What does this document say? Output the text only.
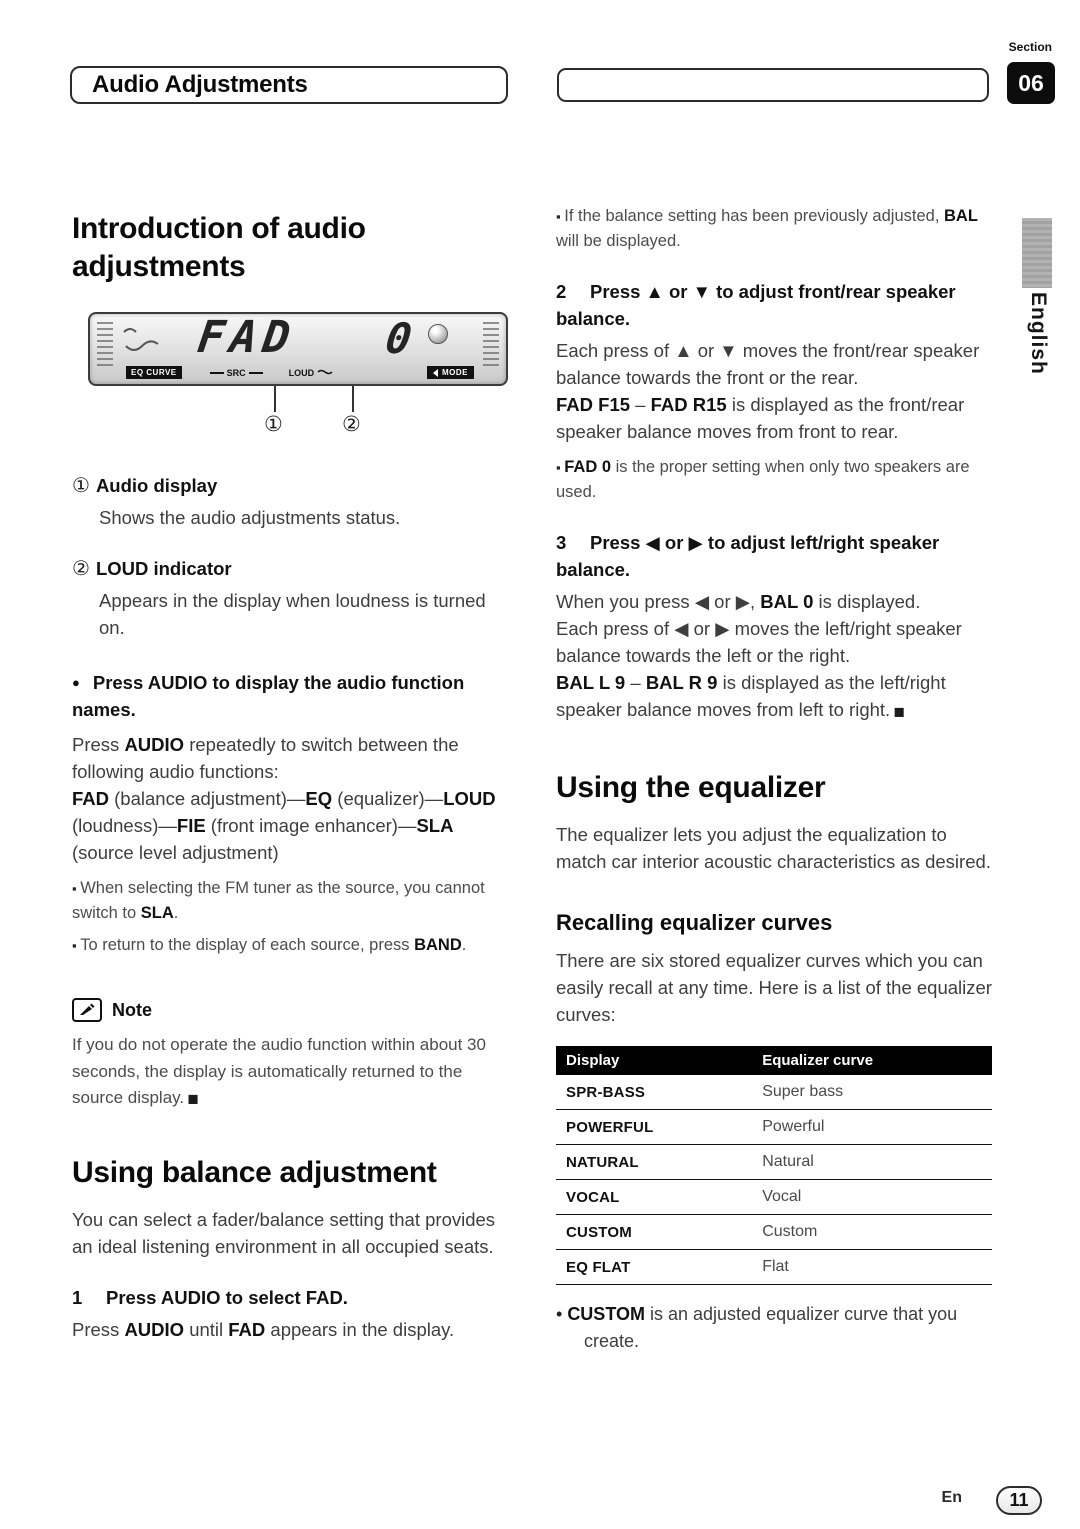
Audio Adjustments
Section
06
English
Introduction of audio adjustments
FAD 0
EQ CURVE	SRC	LOUD	MODE
①	②

① Audio display

Shows the audio adjustments status.

② LOUD indicator

Appears in the display when loudness is turned on.

● Press AUDIO to display the audio function names.

Press AUDIO repeatedly to switch between the following audio functions:

FAD (balance adjustment)—EQ (equalizer)—LOUD (loudness)—FIE (front image enhancer)—SLA (source level adjustment)

▪ When selecting the FM tuner as the source, you cannot switch to SLA.

▪ To return to the display of each source, press BAND.

Note

If you do not operate the audio function within about 30 seconds, the display is automatically returned to the source display. ◼

Using balance adjustment

You can select a fader/balance setting that provides an ideal listening environment in all occupied seats.

1 Press AUDIO to select FAD.

Press AUDIO until FAD appears in the display.

▪ If the balance setting has been previously adjusted, BAL will be displayed.

2 Press ▲ or ▼ to adjust front/rear speaker balance.

Each press of ▲ or ▼ moves the front/rear speaker balance towards the front or the rear.

FAD F15 – FAD R15 is displayed as the front/rear speaker balance moves from front to rear.

▪ FAD 0 is the proper setting when only two speakers are used.

3 Press ◀ or ▶ to adjust left/right speaker balance.

When you press ◀ or ▶, BAL 0 is displayed.

Each press of ◀ or ▶ moves the left/right speaker balance towards the left or the right.

BAL L 9 – BAL R 9 is displayed as the left/right speaker balance moves from left to right. ◼

Using the equalizer

The equalizer lets you adjust the equalization to match car interior acoustic characteristics as desired.

Recalling equalizer curves

There are six stored equalizer curves which you can easily recall at any time. Here is a list of the equalizer curves:

Display	Equalizer curve
SPR-BASS	Super bass
POWERFUL	Powerful
NATURAL	Natural
VOCAL	Vocal
CUSTOM	Custom
EQ FLAT	Flat

• CUSTOM is an adjusted equalizer curve that you create.

En	11
